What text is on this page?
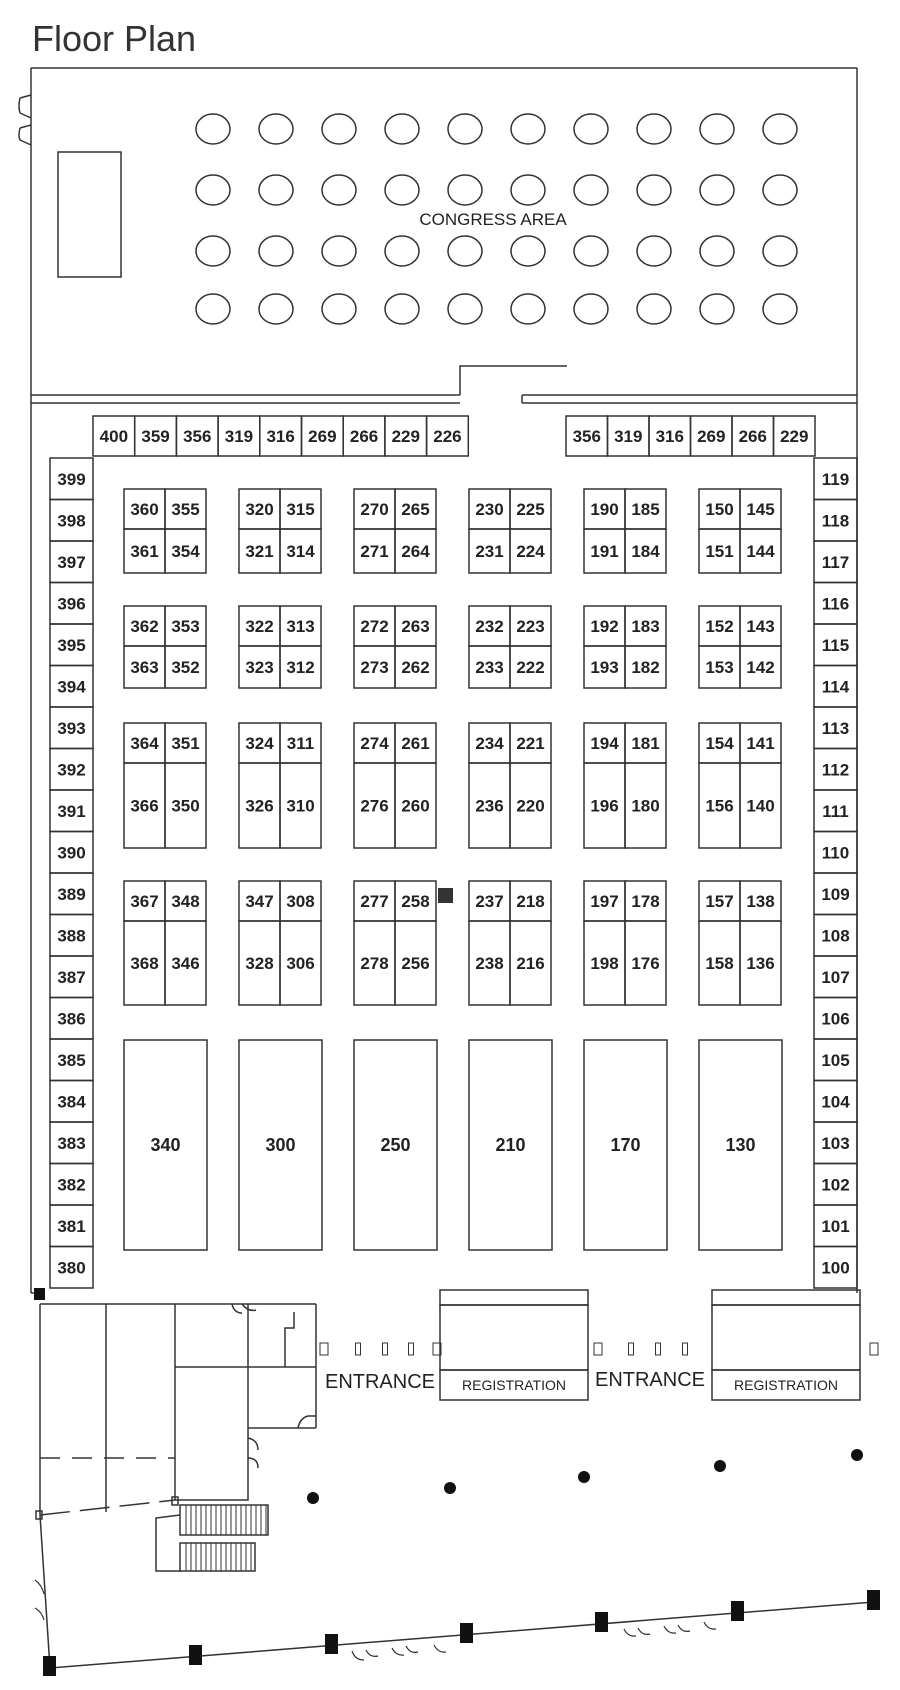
Floor Plan
CONGRESS AREA
400 359 356 319 316 269 266 229 226	356 319 316 269 266 229
399
398
397
396
395
394
393
392
391
390
389
388
387
386
385
384
383
382
381
380
119
118
117
116
115
114
113
112
111
110
109
108
107
106
105
104
103
102
101
100
360 355
361 354
320 315
321 314
270 265
271 264
230 225
231 224
190 185
191 184
150 145
151 144
362 353
363 352
322 313
323 312
272 263
273 262
232 223
233 222
192 183
193 182
152 143
153 142
364 351
366 350
324 311
326 310
274 261
276 260
234 221
236 220
194 181
196 180
154 141
156 140
367 348
368 346
347 308
328 306
277 258
278 256
237 218
238 216
197 178
198 176
157 138
158 136
340	300	250	210	170	130
REGISTRATION	REGISTRATION
ENTRANCE	ENTRANCE
